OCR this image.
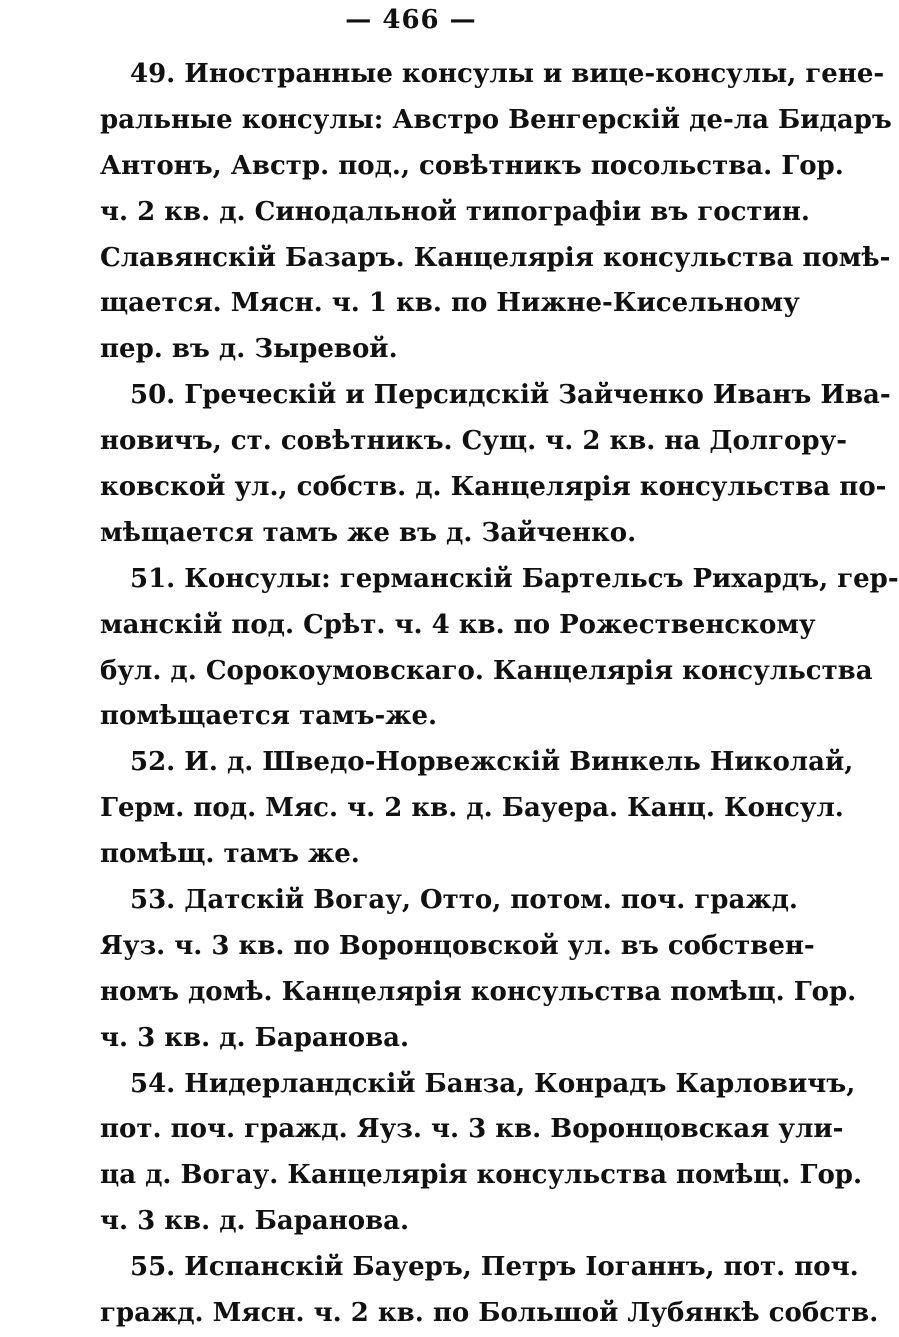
— 466 —
49. Иностранные консулы и вице-консулы, гене-
ральные консулы: Австро Венгерскій де-ла Бидаръ
Антонъ, Австр. под., совѣтникъ посольства. Гор.
ч. 2 кв. д. Синодальной типографіи въ гостин.
Славянскій Базаръ. Канцелярія консульства помѣ-
щается. Мясн. ч. 1 кв. по Нижне-Кисельному
пер. въ д. Зыревой.
50. Греческій и Персидскій Зайченко Иванъ Ива-
новичъ, ст. совѣтникъ. Сущ. ч. 2 кв. на Долгору-
ковской ул., собств. д. Канцелярія консульства по-
мѣщается тамъ же въ д. Зайченко.
51. Консулы: германскій Бартельсъ Рихардъ, гер-
манскій под. Срѣт. ч. 4 кв. по Рожественскому
бул. д. Сорокоумовскаго. Канцелярія консульства
помѣщается тамъ-же.
52. И. д. Шведо-Норвежскій Винкель Николай,
Герм. под. Мяс. ч. 2 кв. д. Бауера. Канц. Консул.
помѣщ. тамъ же.
53. Датскій Вогау, Отто, потом. поч. гражд.
Яуз. ч. 3 кв. по Воронцовской ул. въ собствен-
номъ домѣ. Канцелярія консульства помѣщ. Гор.
ч. 3 кв. д. Баранова.
54. Нидерландскій Банза, Конрадъ Карловичъ,
пот. поч. гражд. Яуз. ч. 3 кв. Воронцовская ули-
ца д. Вогау. Канцелярія консульства помѣщ. Гор.
ч. 3 кв. д. Баранова.
55. Испанскій Бауеръ, Петръ Іоганнъ, пот. поч.
гражд. Мясн. ч. 2 кв. по Большой Лубянкѣ собств.
